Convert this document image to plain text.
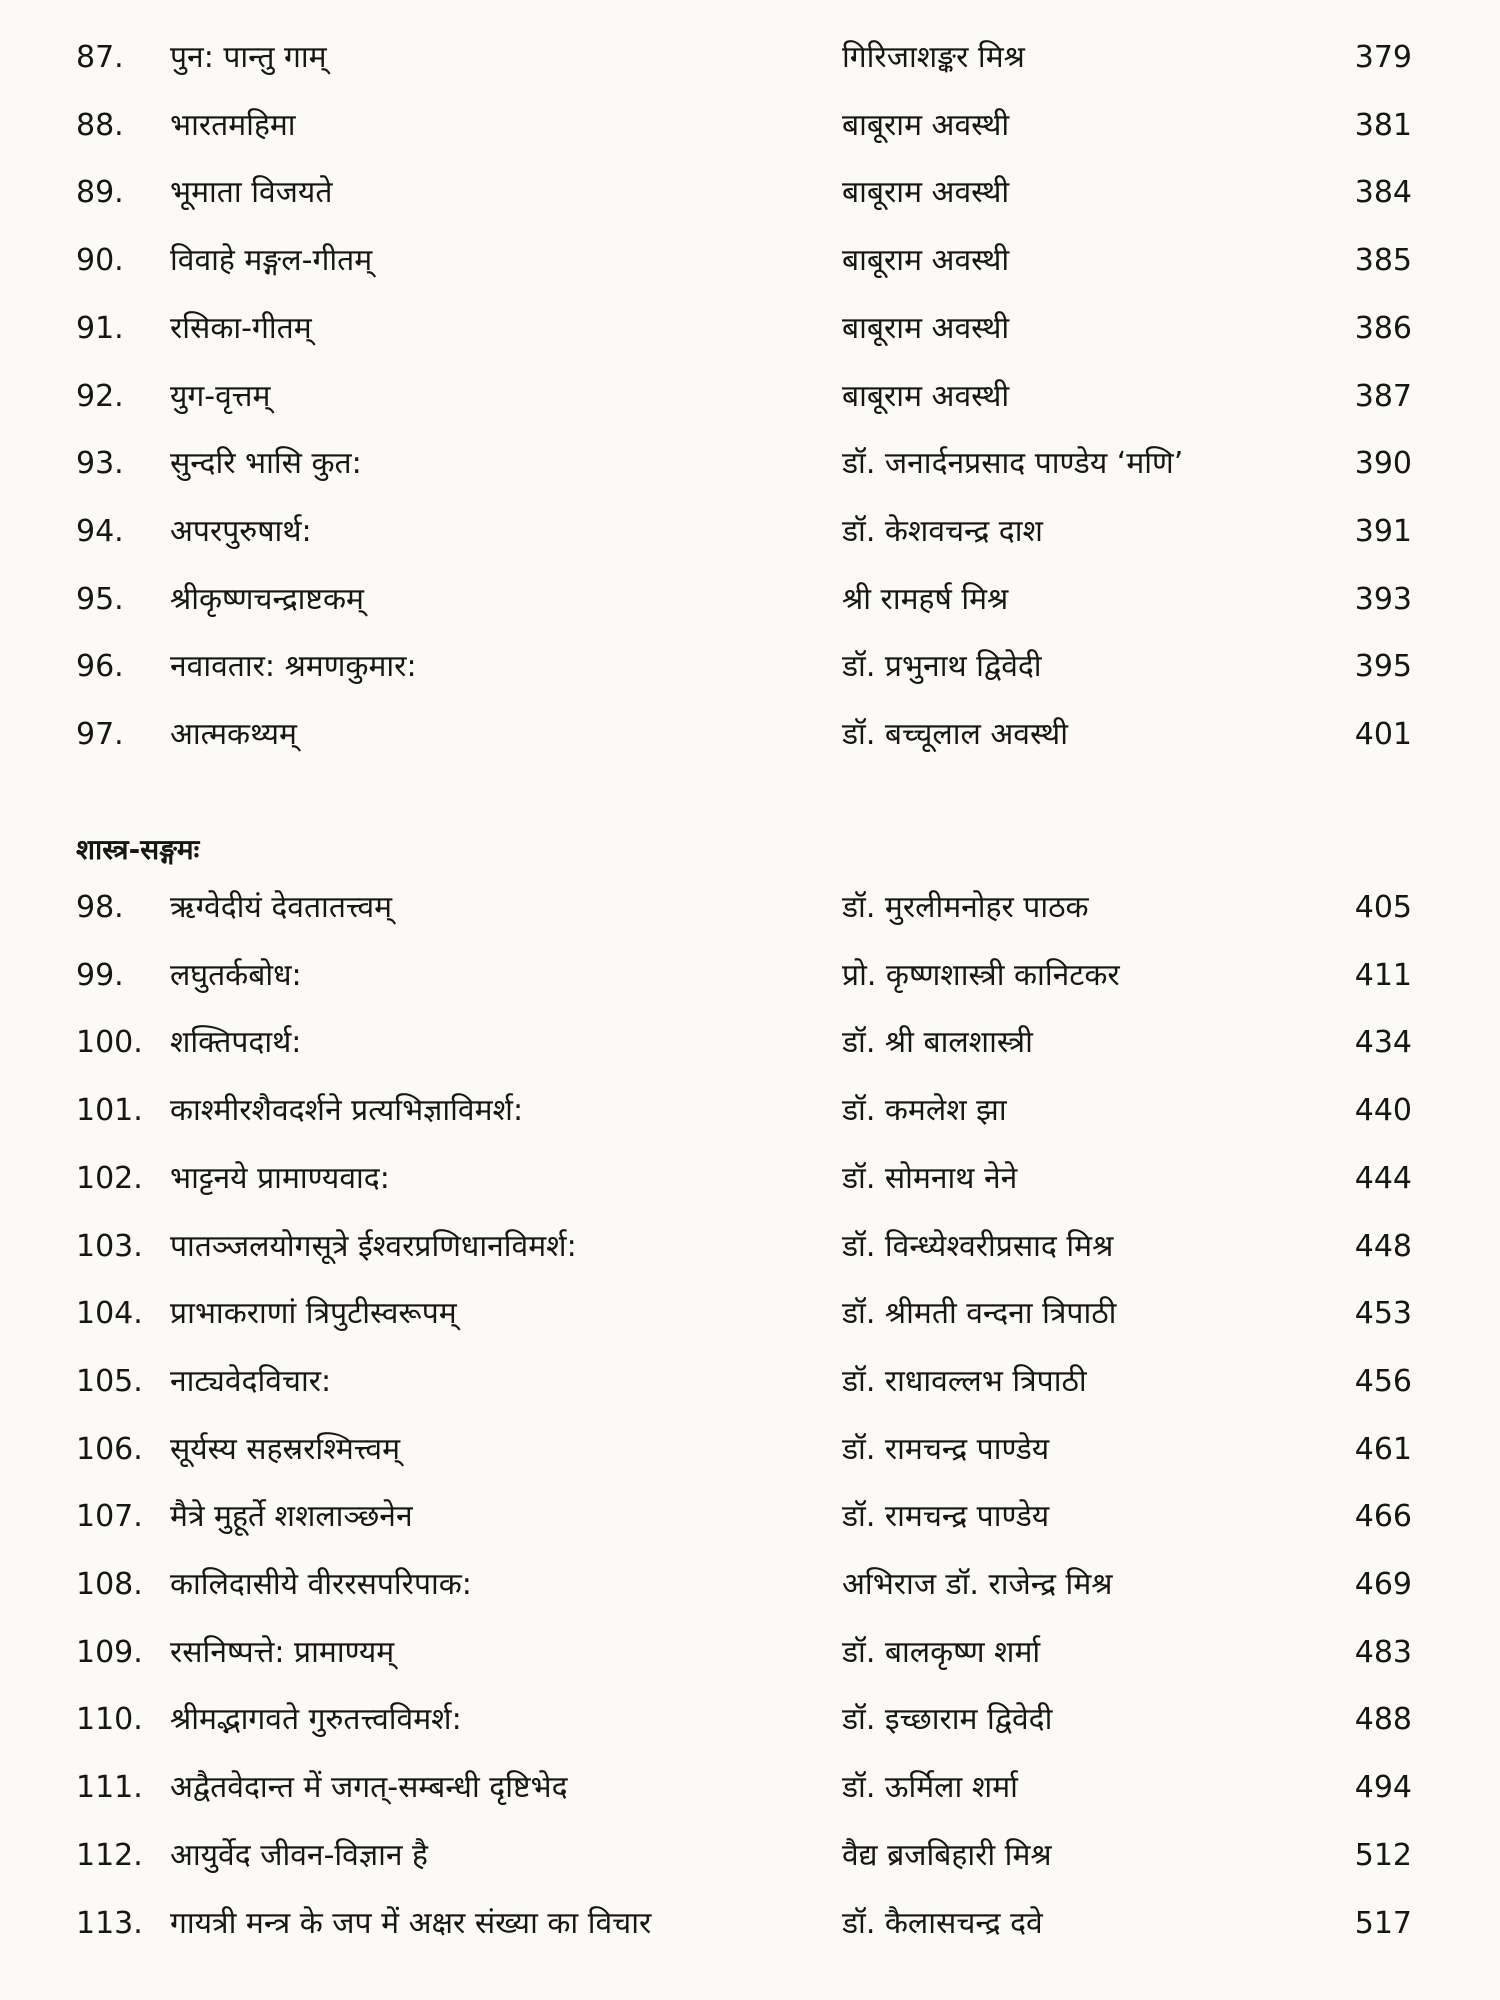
87.	पुन: पान्तु गाम्	गिरिजाशङ्कर मिश्र	379
88.	भारतमहिमा	बाबूराम अवस्थी	381
89.	भूमाता विजयते	बाबूराम अवस्थी	384
90.	विवाहे मङ्गल-गीतम्	बाबूराम अवस्थी	385
91.	रसिका-गीतम्	बाबूराम अवस्थी	386
92.	युग-वृत्तम्	बाबूराम अवस्थी	387
93.	सुन्दरि भासि कुत:	डॉ. जनार्दनप्रसाद पाण्डेय ‘मणि’	390
94.	अपरपुरुषार्थ:	डॉ. केशवचन्द्र दाश	391
95.	श्रीकृष्णचन्द्राष्टकम्	श्री रामहर्ष मिश्र	393
96.	नवावतार: श्रमणकुमार:	डॉ. प्रभुनाथ द्विवेदी	395
97.	आत्मकथ्यम्	डॉ. बच्चूलाल अवस्थी	401
शास्त्र-सङ्गमः
98.	ऋग्वेदीयं देवतातत्त्वम्	डॉ. मुरलीमनोहर पाठक	405
99.	लघुतर्कबोध:	प्रो. कृष्णशास्त्री कानिटकर	411
100. शक्तिपदार्थ:	डॉ. श्री बालशास्त्री	434
101. काश्मीरशैवदर्शने प्रत्यभिज्ञाविमर्श:	डॉ. कमलेश झा	440
102. भाट्टनये प्रामाण्यवाद:	डॉ. सोमनाथ नेने	444
103. पातञ्जलयोगसूत्रे ईश्वरप्रणिधानविमर्श:	डॉ. विन्ध्येश्वरीप्रसाद मिश्र	448
104. प्राभाकराणां त्रिपुटीस्वरूपम्	डॉ. श्रीमती वन्दना त्रिपाठी	453
105. नाट्यवेदविचार:	डॉ. राधावल्लभ त्रिपाठी	456
106. सूर्यस्य सहस्ररश्मित्त्वम्	डॉ. रामचन्द्र पाण्डेय	461
107. मैत्रे मुहूर्ते शशलाञ्छनेन	डॉ. रामचन्द्र पाण्डेय	466
108. कालिदासीये वीररसपरिपाक:	अभिराज डॉ. राजेन्द्र मिश्र	469
109. रसनिष्पत्ते: प्रामाण्यम्	डॉ. बालकृष्ण शर्मा	483
110. श्रीमद्भागवते गुरुतत्त्वविमर्श:	डॉ. इच्छाराम द्विवेदी	488
111. अद्वैतवेदान्त में जगत्-सम्बन्धी दृष्टिभेद	डॉ. ऊर्मिला शर्मा	494
112. आयुर्वेद जीवन-विज्ञान है	वैद्य ब्रजबिहारी मिश्र	512
113. गायत्री मन्त्र के जप में अक्षर संख्या का विचार	डॉ. कैलासचन्द्र दवे	517
